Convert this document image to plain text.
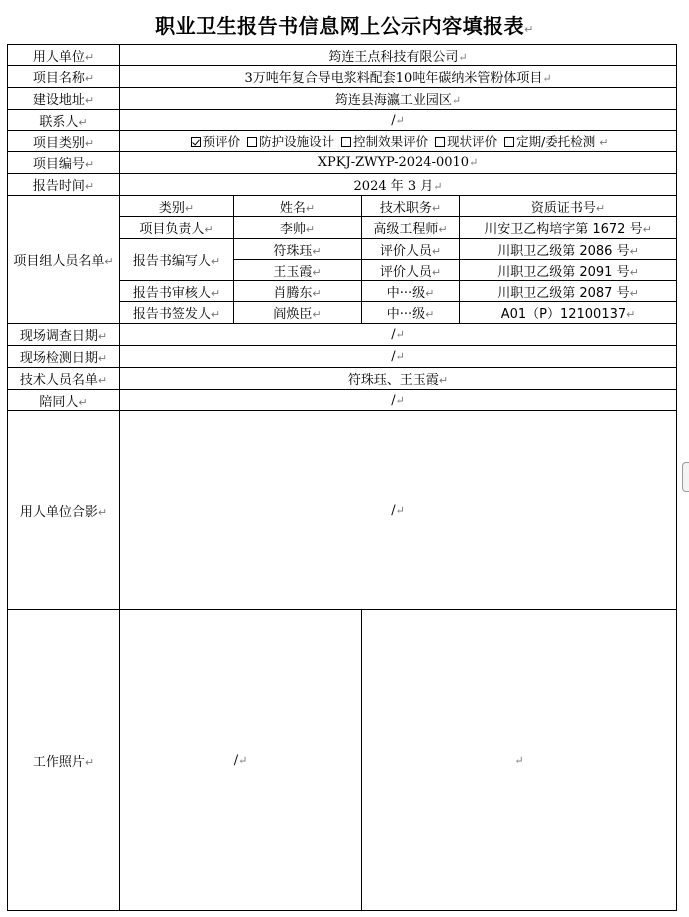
职业卫生报告书信息网上公示内容填报表↵
用人单位↵	筠连王点科技有限公司↵			
项目名称↵	3万吨年复合导电浆料配套10吨年碳纳米管粉体项目↵			
建设地址↵	筠连县海瀛工业园区↵			
联系人↵	/↵			
项目类别↵	预评价 防护设施设计 控制效果评价 现状评价 定期/委托检测 ↵			
项目编号↵	XPKJ-ZWYP-2024-0010↵			
报告时间↵	2024 年 3 月↵			
项目组人员名单↵	类别↵	姓名↵	技术职务↵	资质证书号↵
	项目负责人↵	李帅↵	高级工程师↵	川安卫乙构培字第 1672 号↵
	报告书编写人↵	符珠珏↵	评价人员↵	川职卫乙级第 2086 号↵
		王玉霞↵	评价人员↵	川职卫乙级第 2091 号↵
	报告书审核人↵	肖腾东↵	中···级↵	川职卫乙级第 2087 号↵
	报告书签发人↵	阎焕臣↵	中···级↵	A01（P）12100137↵
现场调查日期↵	/↵			
现场检测日期↵	/↵			
技术人员名单↵	符珠珏、王玉霞↵			
陪同人↵	/↵			
用人单位合影↵	/↵			
工作照片↵	/↵		↵	
